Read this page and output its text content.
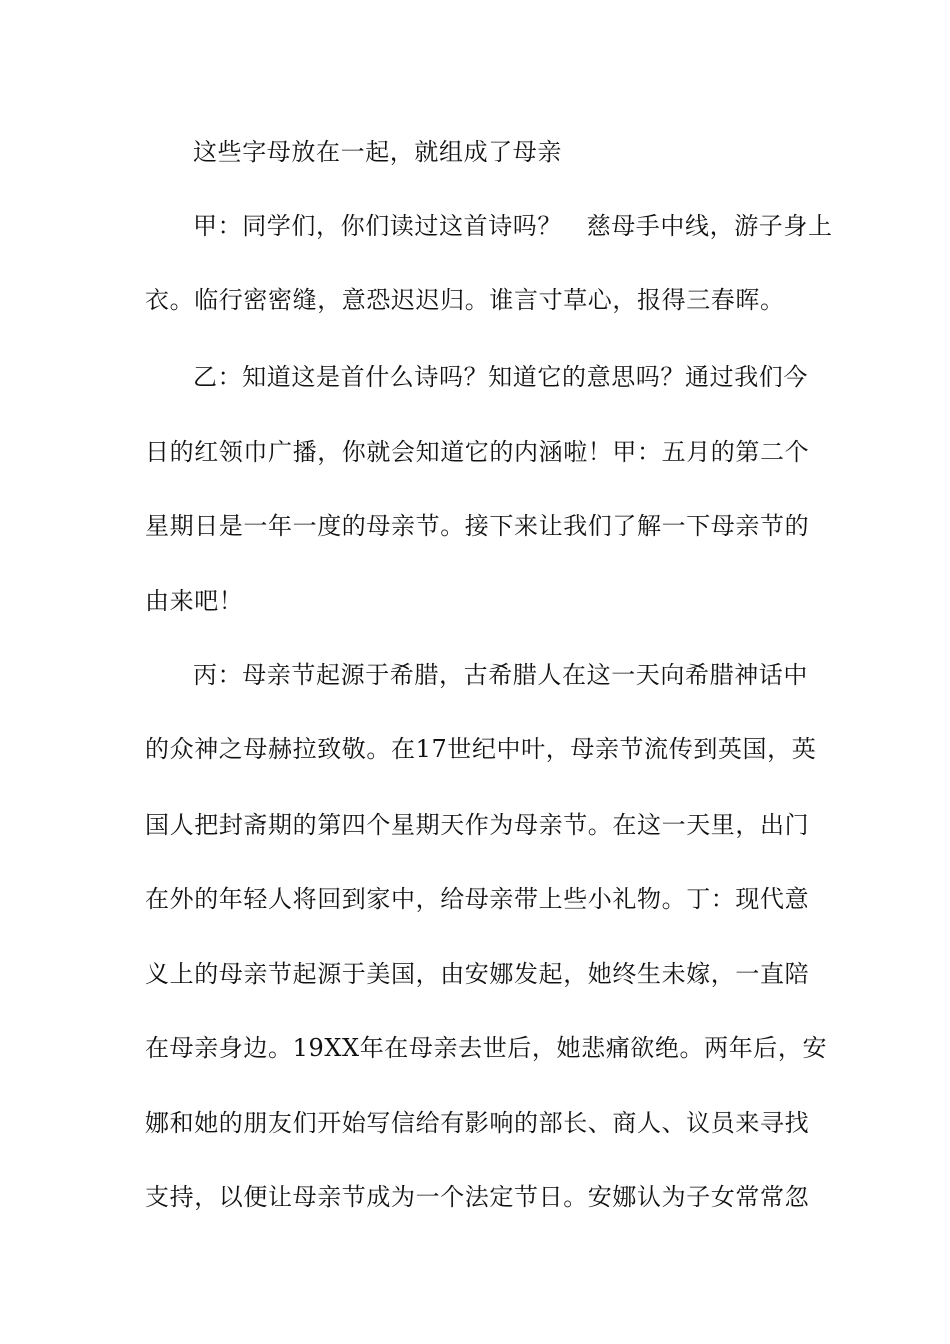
这些字母放在一起，就组成了母亲
甲：同学们，你们读过这首诗吗？　慈母手中线，游子身上
衣。临行密密缝，意恐迟迟归。谁言寸草心，报得三春晖。
乙：知道这是首什么诗吗？知道它的意思吗？通过我们今
日的红领巾广播，你就会知道它的内涵啦！甲：五月的第二个
星期日是一年一度的母亲节。接下来让我们了解一下母亲节的
由来吧！
丙：母亲节起源于希腊，古希腊人在这一天向希腊神话中
的众神之母赫拉致敬。在17世纪中叶，母亲节流传到英国，英
国人把封斋期的第四个星期天作为母亲节。在这一天里，出门
在外的年轻人将回到家中，给母亲带上些小礼物。丁：现代意
义上的母亲节起源于美国，由安娜发起，她终生未嫁，一直陪
在母亲身边。19XX年在母亲去世后，她悲痛欲绝。两年后，安
娜和她的朋友们开始写信给有影响的部长、商人、议员来寻找
支持，以便让母亲节成为一个法定节日。安娜认为子女常常忽
